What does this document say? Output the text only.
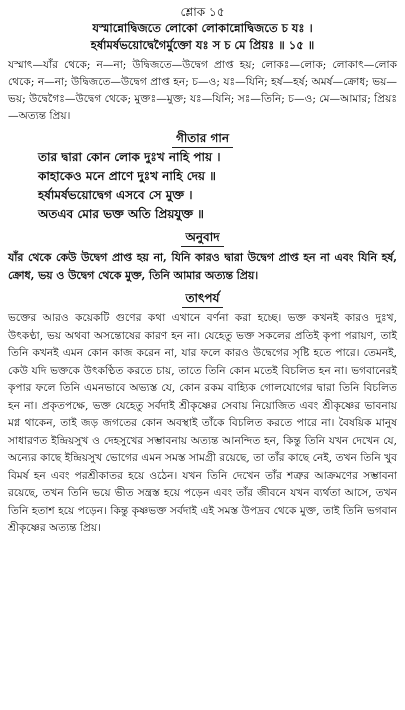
শ্লোক ১৫
যস্মান্নোদ্বিজতে লোকো লোকান্নোদ্বিজতে চ যঃ ।
হর্ষামর্ষভয়োদ্বেগৈর্মুক্তো যঃ স চ মে প্রিয়ঃ ॥ ১৫ ॥
যস্মাৎ—যাঁর থেকে; ন—না; উদ্বিজতে—উদ্বেগ প্রাপ্ত হয়; লোকঃ—লোক; লোকাৎ—লোক থেকে; ন—না; উদ্বিজতে—উদ্বেগ প্রাপ্ত হন; চ—ও; যঃ—যিনি; হর্ষ—হর্ষ; অমর্ষ—ক্রোধ; ভয়—ভয়; উদ্বেগৈঃ—উদ্বেগ থেকে; মুক্তঃ—মুক্ত; যঃ—যিনি; সঃ—তিনি; চ—ও; মে—আমার; প্রিয়ঃ—অত্যন্ত প্রিয়।
গীতার গান
তার দ্বারা কোন লোক দুঃখ নাহি পায় ।
কাহাকেও মনে প্রাণে দুঃখ নাহি দেয় ॥
হর্ষামর্ষভয়োদ্বেগ এসবে সে মুক্ত ।
অতএব মোর ভক্ত অতি প্রিয়যুক্ত ॥
অনুবাদ
যাঁর থেকে কেউ উদ্বেগ প্রাপ্ত হয় না, যিনি কারও দ্বারা উদ্বেগ প্রাপ্ত হন না এবং যিনি হর্ষ, ক্রোধ, ভয় ও উদ্বেগ থেকে মুক্ত, তিনি আমার অত্যন্ত প্রিয়।
তাৎপর্য
ভক্তের আরও কয়েকটি গুণের কথা এখানে বর্ণনা করা হচ্ছে। ভক্ত কখনই কারও দুঃখ, উৎকণ্ঠা, ভয় অথবা অসন্তোষের কারণ হন না। যেহেতু ভক্ত সকলের প্রতিই কৃপা পরায়ণ, তাই তিনি কখনই এমন কোন কাজ করেন না, যার ফলে কারও উদ্বেগের সৃষ্টি হতে পারে। তেমনই, কেউ যদি ভক্তকে উৎকণ্ঠিত করতে চায়, তাতে তিনি কোন মতেই বিচলিত হন না। ভগবানেরই কৃপার ফলে তিনি এমনভাবে অভ্যস্ত যে, কোন রকম বাহ্যিক গোলযোগের দ্বারা তিনি বিচলিত হন না। প্রকৃতপক্ষে, ভক্ত যেহেতু সর্বদাই শ্রীকৃষ্ণের সেবায় নিয়োজিত এবং শ্রীকৃষ্ণের ভাবনায় মগ্ন থাকেন, তাই জড় জগতের কোন অবস্থাই তাঁকে বিচলিত করতে পারে না। বৈষয়িক মানুষ সাধারণত ইন্দ্রিয়সুখ ও দেহসুখের সম্ভাবনায় অত্যন্ত আনন্দিত হন, কিন্তু তিনি যখন দেখেন যে, অন্যের কাছে ইন্দ্রিয়সুখ ভোগের এমন সমস্ত সামগ্রী রয়েছে, তা তাঁর কাছে নেই, তখন তিনি খুব বিমর্ষ হন এবং পরশ্রীকাতর হয়ে ওঠেন। যখন তিনি দেখেন তাঁর শত্রুর আক্রমণের সম্ভাবনা রয়েছে, তখন তিনি ভয়ে ভীত সন্ত্রস্ত হয়ে পড়েন এবং তাঁর জীবনে যখন ব্যর্থতা আসে, তখন তিনি হতাশ হয়ে পড়েন। কিন্তু কৃষ্ণভক্ত সর্বদাই এই সমস্ত উপদ্রব থেকে মুক্ত, তাই তিনি ভগবান শ্রীকৃষ্ণের অত্যন্ত প্রিয়।
